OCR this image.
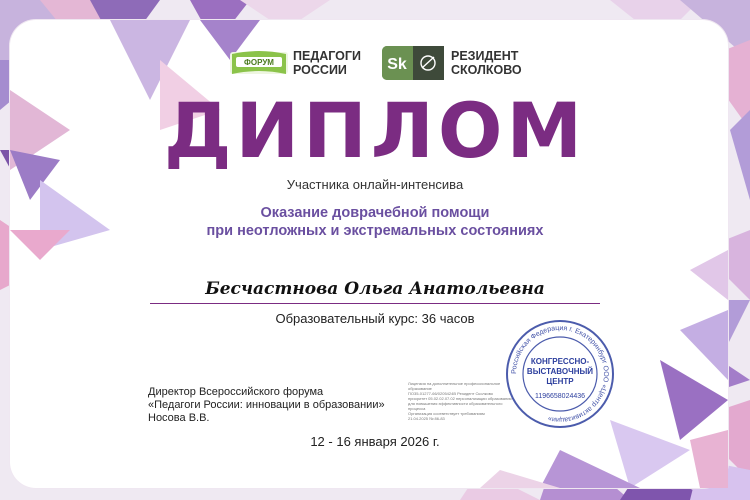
ФОРУМ ПЕДАГОГИ
РОССИИ	Sk	РЕЗИДЕНТ
СКОЛКОВО
ДИПЛОМ
Участника онлайн-интенсива
Оказание доврачебной помощи
при неотложных и экстремальных состояниях
Бесчастнова Ольга Анатольевна
Образовательный курс: 36 часов
Директор Всероссийского форума
«Педагоги России: инновации в образовании»
Носова В.В.
Лицензия на дополнительное профессиональное образование
ПО35-01277-66/0205424В Резидент Сколково
приоритет 05.02.02.07.02 персонализации образования
для повышения эффективности образовательного процесса
Организация соответствует требованиям
21.04.2025 № 86-83
Российская Федерация г. Екатеринбург ООО «Центр активизации»
КОНГРЕССНО-
ВЫСТАВОЧНЫЙ
ЦЕНТР
1196658024436
12 - 16 января 2026 г.
